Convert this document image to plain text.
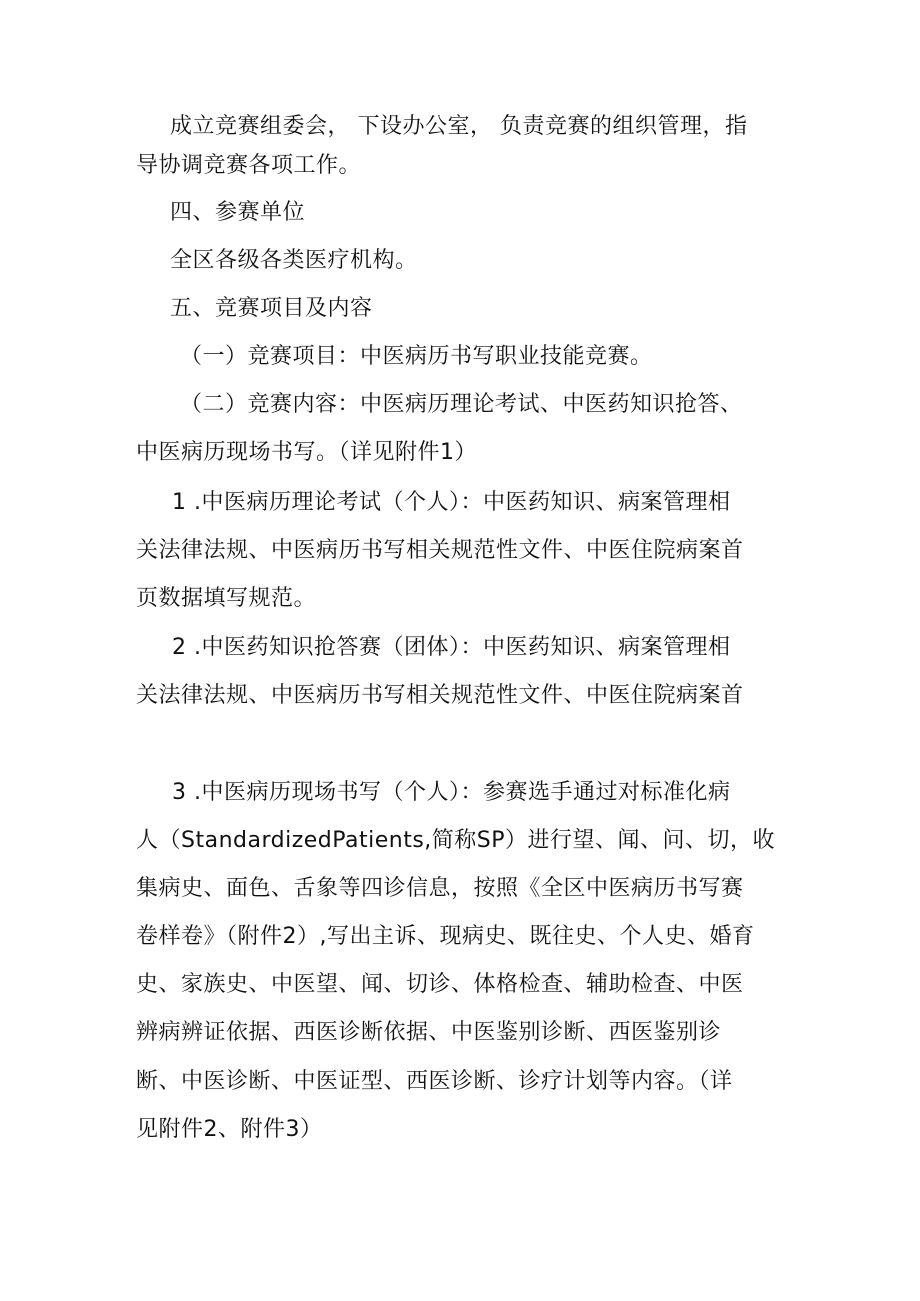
成立竞赛组委会， 下设办公室， 负责竞赛的组织管理，指
导协调竞赛各项工作。
四、参赛单位
全区各级各类医疗机构。
五、竞赛项目及内容
（一）竞赛项目：中医病历书写职业技能竞赛。
（二）竞赛内容：中医病历理论考试、中医药知识抢答、
中医病历现场书写。（详见附件1）
1 .中医病历理论考试（个人）：中医药知识、病案管理相
关法律法规、中医病历书写相关规范性文件、中医住院病案首
页数据填写规范。
2 .中医药知识抢答赛（团体）：中医药知识、病案管理相
关法律法规、中医病历书写相关规范性文件、中医住院病案首
3 .中医病历现场书写（个人）：参赛选手通过对标准化病
人（StandardizedPatients,简称SP）进行望、闻、问、切，收
集病史、面色、舌象等四诊信息，按照《全区中医病历书写赛
卷样卷》（附件2）,写出主诉、现病史、既往史、个人史、婚育
史、家族史、中医望、闻、切诊、体格检查、辅助检查、中医
辨病辨证依据、西医诊断依据、中医鉴别诊断、西医鉴别诊
断、中医诊断、中医证型、西医诊断、诊疗计划等内容。（详
见附件2、附件3）
